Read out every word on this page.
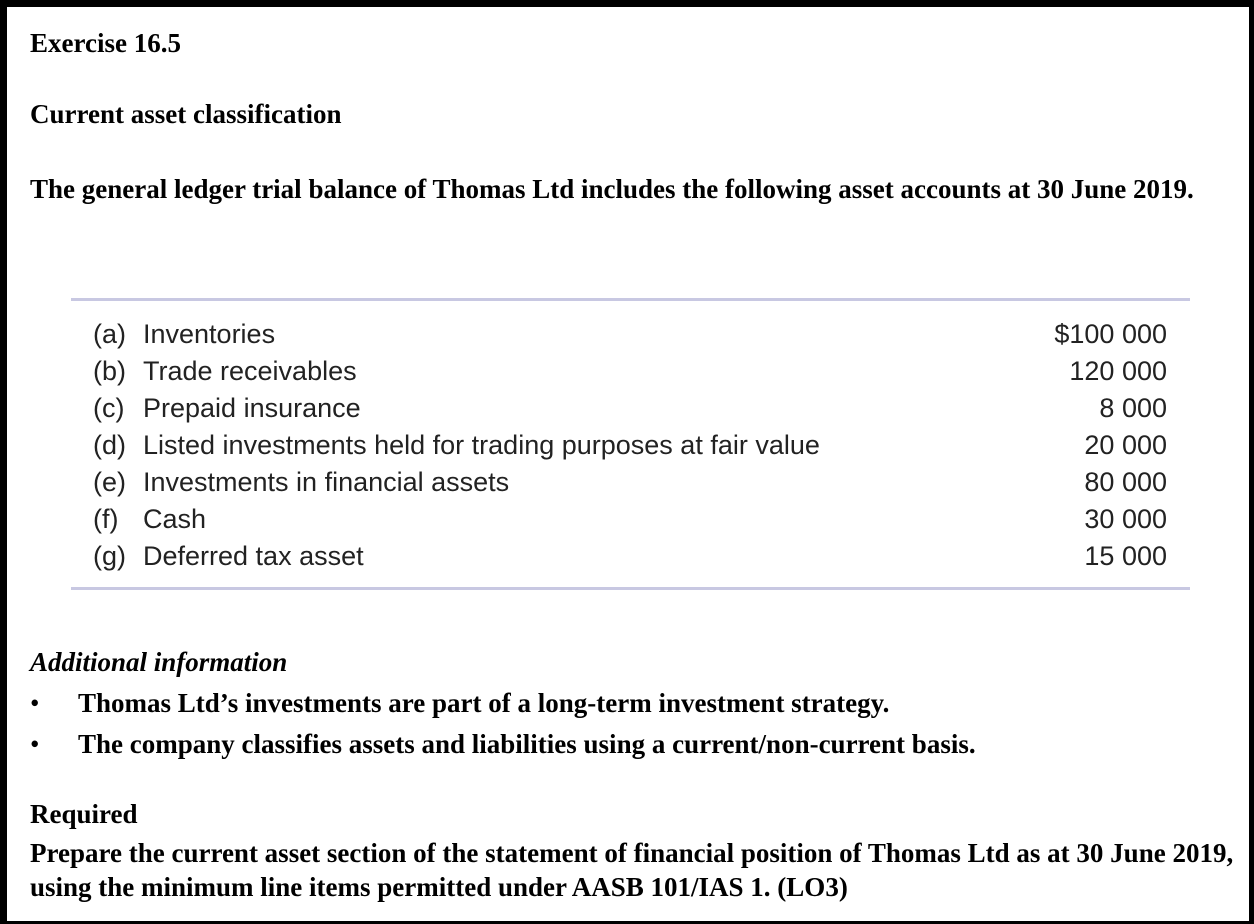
Exercise 16.5

Current asset classification

The general ledger trial balance of Thomas Ltd includes the following asset accounts at 30 June 2019.

(a) Inventories	$100 000
(b) Trade receivables	120 000
(c) Prepaid insurance	8 000
(d) Listed investments held for trading purposes at fair value	20 000
(e) Investments in financial assets	80 000
(f) Cash	30 000
(g) Deferred tax asset	15 000

Additional information

•	Thomas Ltd’s investments are part of a long-term investment strategy.
•	The company classifies assets and liabilities using a current/non-current basis.

Required

Prepare the current asset section of the statement of financial position of Thomas Ltd as at 30 June 2019, using the minimum line items permitted under AASB 101/IAS 1. (LO3)
